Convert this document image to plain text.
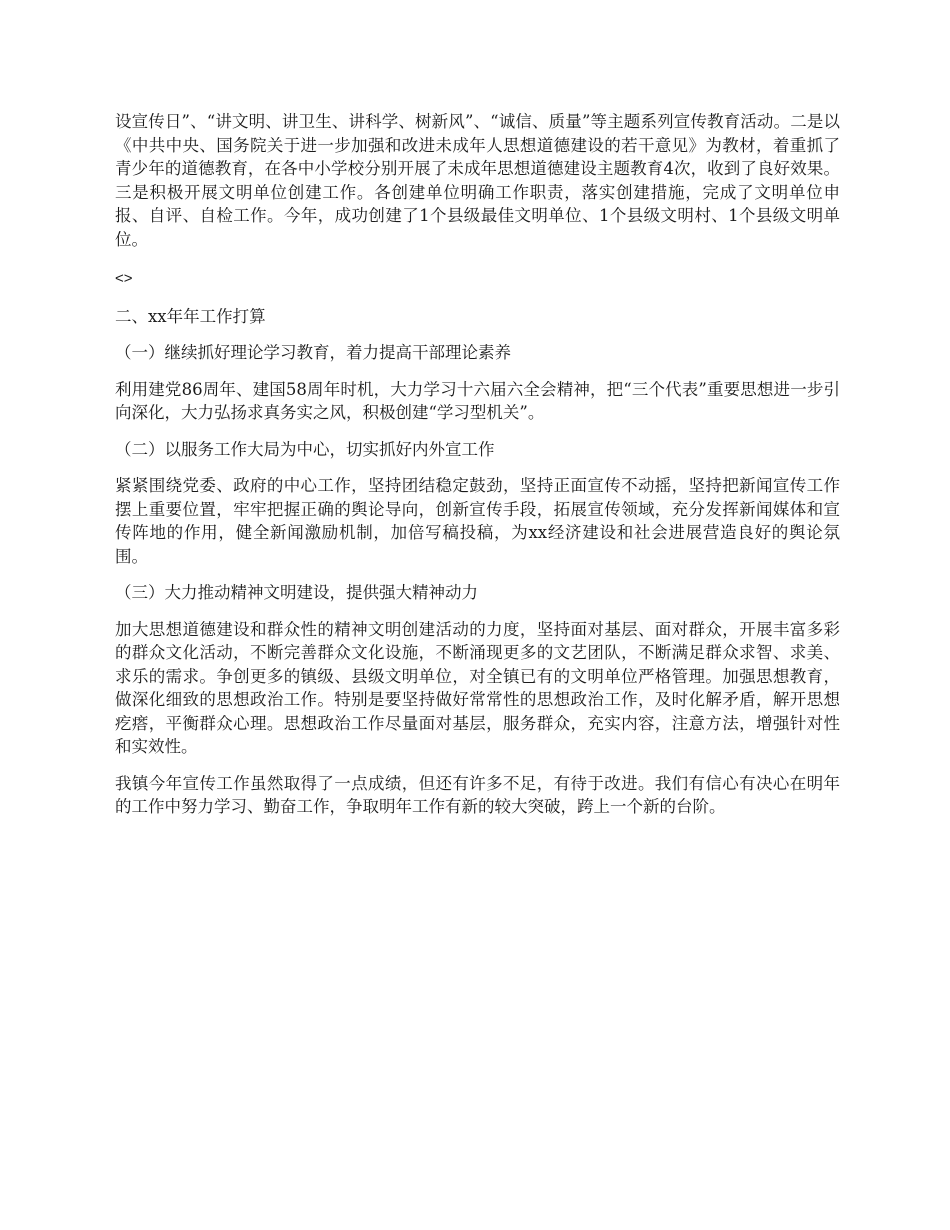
设宣传日”、“讲文明、讲卫生、讲科学、树新风”、“诚信、质量”等主题系列宣传教育活动。二是以《中共中央、国务院关于进一步加强和改进未成年人思想道德建设的若干意见》为教材，着重抓了青少年的道德教育，在各中小学校分别开展了未成年思想道德建设主题教育4次，收到了良好效果。三是积极开展文明单位创建工作。各创建单位明确工作职责，落实创建措施，完成了文明单位申报、自评、自检工作。今年，成功创建了1个县级最佳文明单位、1个县级文明村、1个县级文明单位。

<>

二、xx年年工作打算

（一）继续抓好理论学习教育，着力提高干部理论素养

利用建党86周年、建国58周年时机，大力学习十六届六全会精神，把“三个代表”重要思想进一步引向深化，大力弘扬求真务实之风，积极创建“学习型机关”。

（二）以服务工作大局为中心，切实抓好内外宣工作

紧紧围绕党委、政府的中心工作，坚持团结稳定鼓劲，坚持正面宣传不动摇，坚持把新闻宣传工作摆上重要位置，牢牢把握正确的舆论导向，创新宣传手段，拓展宣传领域，充分发挥新闻媒体和宣传阵地的作用，健全新闻激励机制，加倍写稿投稿，为xx经济建设和社会进展营造良好的舆论氛围。

（三）大力推动精神文明建设，提供强大精神动力

加大思想道德建设和群众性的精神文明创建活动的力度，坚持面对基层、面对群众，开展丰富多彩的群众文化活动，不断完善群众文化设施，不断涌现更多的文艺团队，不断满足群众求智、求美、求乐的需求。争创更多的镇级、县级文明单位，对全镇已有的文明单位严格管理。加强思想教育，做深化细致的思想政治工作。特别是要坚持做好常常性的思想政治工作，及时化解矛盾，解开思想疙瘩，平衡群众心理。思想政治工作尽量面对基层，服务群众，充实内容，注意方法，增强针对性和实效性。

我镇今年宣传工作虽然取得了一点成绩，但还有许多不足，有待于改进。我们有信心有决心在明年的工作中努力学习、勤奋工作，争取明年工作有新的较大突破，跨上一个新的台阶。
